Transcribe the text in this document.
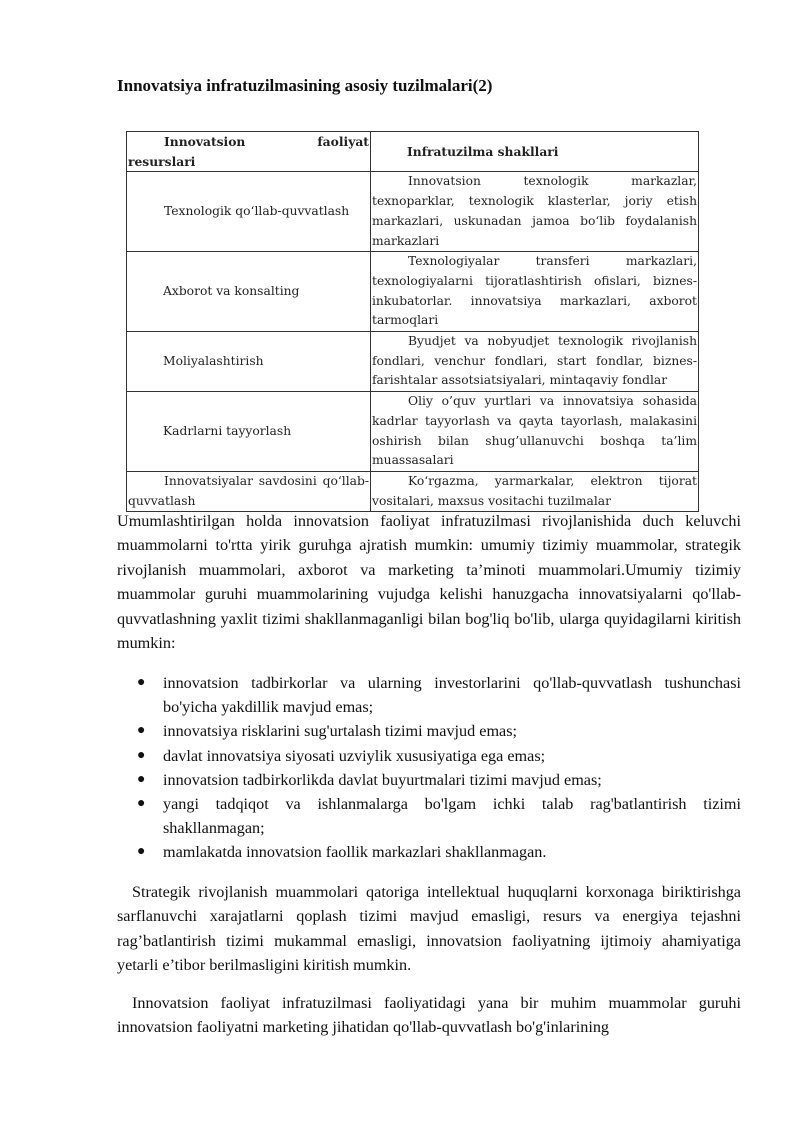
Innovatsiya infratuzilmasining asosiy tuzilmalari(2)
Innovatsion faoliyat resurslari	Infratuzilma shakllari
Texnologik qo‘llab-quvvatlash	Innovatsion texnologik markazlar, texnoparklar, texnologik klasterlar, joriy etish markazlari, uskunadan jamoa bo‘lib foydalanish markazlari
Axborot va konsalting	Texnologiyalar transferi markazlari, texnologiyalarni tijoratlashtirish ofislari, biznes-inkubatorlar. innovatsiya markazlari, axborot tarmoqlari
Moliyalashtirish	Byudjet va nobyudjet texnologik rivojlanish fondlari, venchur fondlari, start fondlar, biznes-farishtalar assotsiatsiyalari, mintaqaviy fondlar
Kadrlarni tayyorlash	Oliy o’quv yurtlari va innovatsiya sohasida kadrlar tayyorlash va qayta tayorlash, malakasini oshirish bilan shug’ullanuvchi boshqa ta’lim muassasalari
Innovatsiyalar savdosini qo‘llab-quvvatlash	Ko‘rgazma, yarmarkalar, elektron tijorat vositalari, maxsus vositachi tuzilmalar
Umumlashtirilgan holda innovatsion faoliyat infratuzilmasi rivojlanishida duch keluvchi muammolarni to'rtta yirik guruhga ajratish mumkin: umumiy tizimiy muammolar, strategik rivojlanish muammolari, axborot va marketing ta’minoti muammolari.Umumiy tizimiy muammolar guruhi muammolarining vujudga kelishi hanuzgacha innovatsiyalarni qo'llab-quvvatlashning yaxlit tizimi shakllanmaganligi bilan bog'liq bo'lib, ularga quyidagilarni kiritish mumkin:
● innovatsion tadbirkorlar va ularning investorlarini qo'llab-quvvatlash tushunchasi bo'yicha yakdillik mavjud emas;
● innovatsiya risklarini sug'urtalash tizimi mavjud emas;
● davlat innovatsiya siyosati uzviylik xususiyatiga ega emas;
● innovatsion tadbirkorlikda davlat buyurtmalari tizimi mavjud emas;
● yangi tadqiqot va ishlanmalarga bo'lgam ichki talab rag'batlantirish tizimi shakllanmagan;
● mamlakatda innovatsion faollik markazlari shakllanmagan.
Strategik rivojlanish muammolari qatoriga intellektual huquqlarni korxonaga biriktirishga sarflanuvchi xarajatlarni qoplash tizimi mavjud emasligi, resurs va energiya tejashni rag’batlantirish tizimi mukammal emasligi, innovatsion faoliyatning ijtimoiy ahamiyatiga yetarli e’tibor berilmasligini kiritish mumkin.
Innovatsion faoliyat infratuzilmasi faoliyatidagi yana bir muhim muammolar guruhi innovatsion faoliyatni marketing jihatidan qo'llab-quvvatlash bo'g'inlarining
